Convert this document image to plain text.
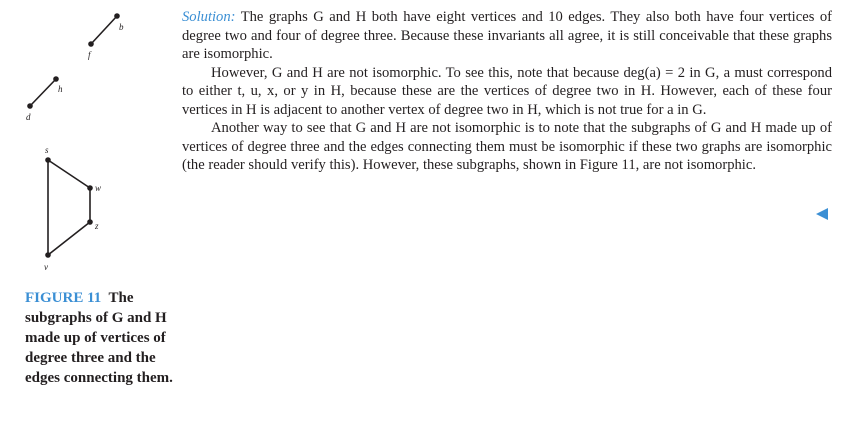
b
f
h
d
s
w
z
v
FIGURE 11 The subgraphs of G and H made up of vertices of degree three and the edges connecting them.

Solution: The graphs G and H both have eight vertices and 10 edges. They also both have four vertices of degree two and four of degree three. Because these invariants all agree, it is still conceivable that these graphs are isomorphic.

However, G and H are not isomorphic. To see this, note that because deg(a) = 2 in G, a must correspond to either t, u, x, or y in H, because these are the vertices of degree two in H. However, each of these four vertices in H is adjacent to another vertex of degree two in H, which is not true for a in G.

Another way to see that G and H are not isomorphic is to note that the subgraphs of G and H made up of vertices of degree three and the edges connecting them must be isomorphic if these two graphs are isomorphic (the reader should verify this). However, these subgraphs, shown in Figure 11, are not isomorphic.
